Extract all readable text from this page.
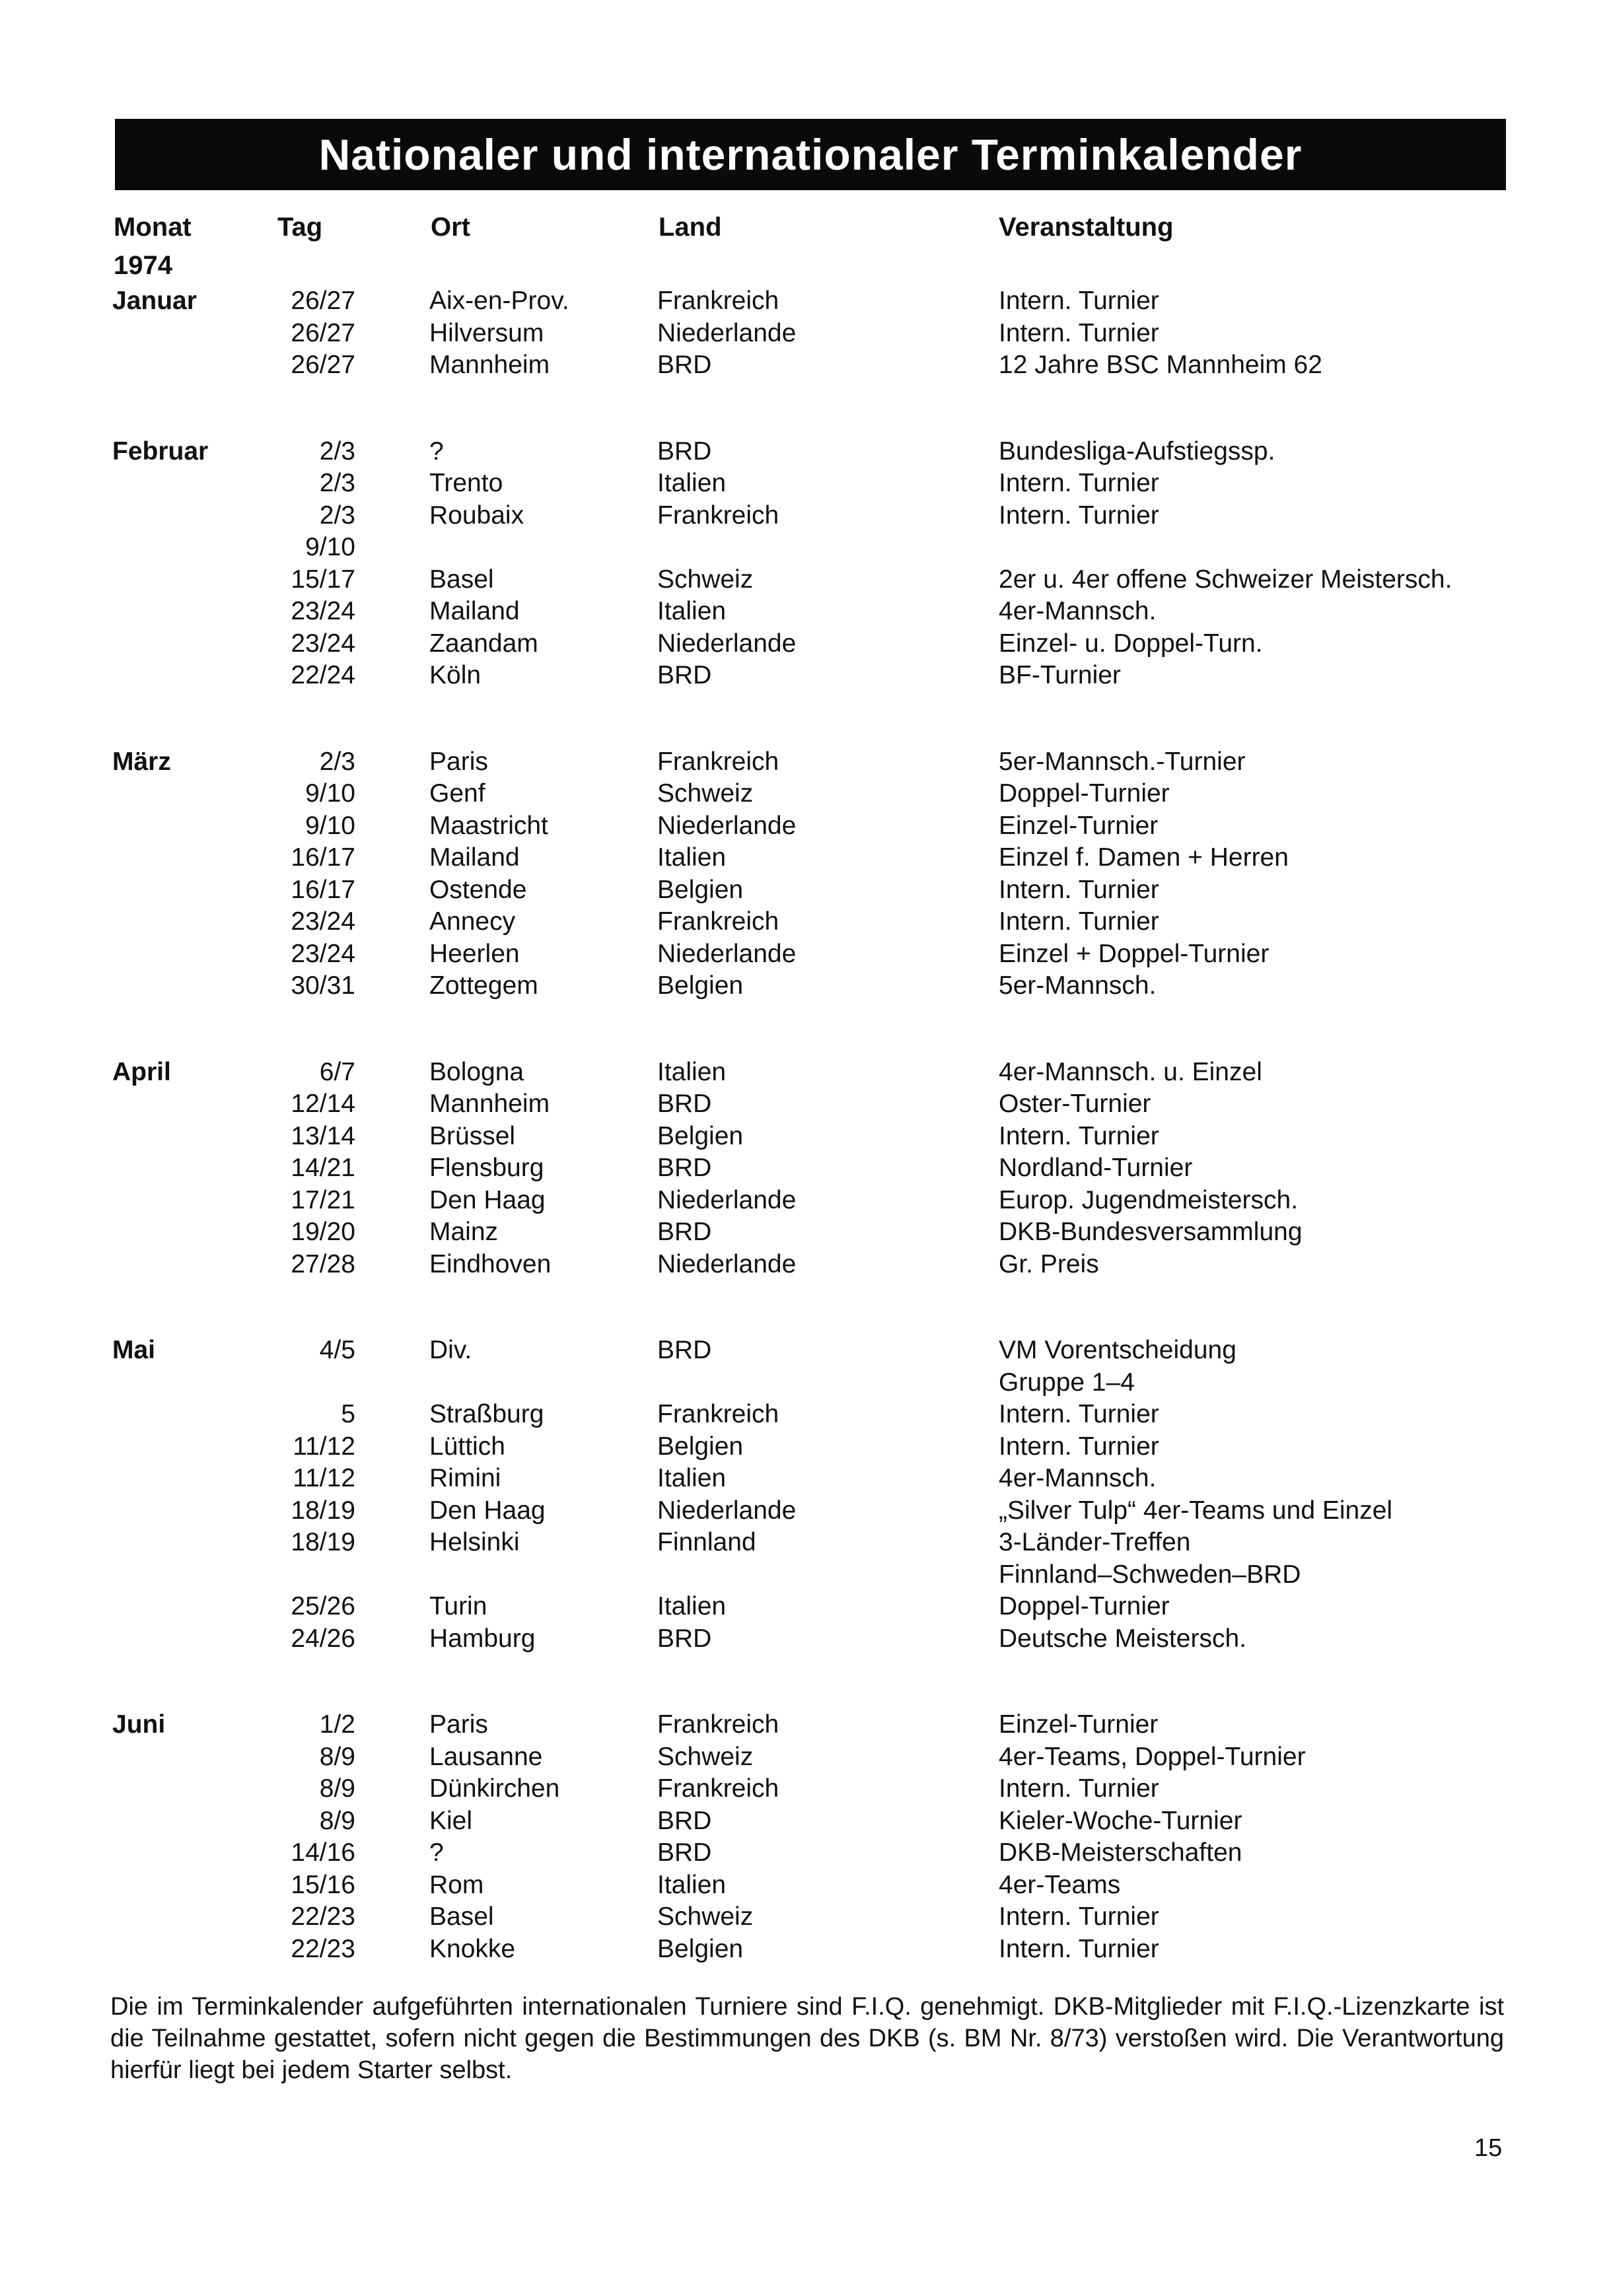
Nationaler und internationaler Terminkalender
Monat	Tag	Ort	Land	Veranstaltung
1974
Januar	26/27	Aix-en-Prov.	Frankreich	Intern. Turnier
26/27	Hilversum	Niederlande	Intern. Turnier
26/27	Mannheim	BRD	12 Jahre BSC Mannheim 62
Februar	2/3	?	BRD	Bundesliga-Aufstiegssp.
2/3	Trento	Italien	Intern. Turnier
2/3	Roubaix	Frankreich	Intern. Turnier
9/10
15/17	Basel	Schweiz	2er u. 4er offene Schweizer Meistersch.
23/24	Mailand	Italien	4er-Mannsch.
23/24	Zaandam	Niederlande	Einzel- u. Doppel-Turn.
22/24	Köln	BRD	BF-Turnier
März	2/3	Paris	Frankreich	5er-Mannsch.-Turnier
9/10	Genf	Schweiz	Doppel-Turnier
9/10	Maastricht	Niederlande	Einzel-Turnier
16/17	Mailand	Italien	Einzel f. Damen + Herren
16/17	Ostende	Belgien	Intern. Turnier
23/24	Annecy	Frankreich	Intern. Turnier
23/24	Heerlen	Niederlande	Einzel + Doppel-Turnier
30/31	Zottegem	Belgien	5er-Mannsch.
April	6/7	Bologna	Italien	4er-Mannsch. u. Einzel
12/14	Mannheim	BRD	Oster-Turnier
13/14	Brüssel	Belgien	Intern. Turnier
14/21	Flensburg	BRD	Nordland-Turnier
17/21	Den Haag	Niederlande	Europ. Jugendmeistersch.
19/20	Mainz	BRD	DKB-Bundesversammlung
27/28	Eindhoven	Niederlande	Gr. Preis
Mai	4/5	Div.	BRD	VM Vorentscheidung
Gruppe 1–4
5	Straßburg	Frankreich	Intern. Turnier
11/12	Lüttich	Belgien	Intern. Turnier
11/12	Rimini	Italien	4er-Mannsch.
18/19	Den Haag	Niederlande	„Silver Tulp“ 4er-Teams und Einzel
18/19	Helsinki	Finnland	3-Länder-Treffen
Finnland–Schweden–BRD
25/26	Turin	Italien	Doppel-Turnier
24/26	Hamburg	BRD	Deutsche Meistersch.
Juni	1/2	Paris	Frankreich	Einzel-Turnier
8/9	Lausanne	Schweiz	4er-Teams, Doppel-Turnier
8/9	Dünkirchen	Frankreich	Intern. Turnier
8/9	Kiel	BRD	Kieler-Woche-Turnier
14/16	?	BRD	DKB-Meisterschaften
15/16	Rom	Italien	4er-Teams
22/23	Basel	Schweiz	Intern. Turnier
22/23	Knokke	Belgien	Intern. Turnier
Die im Terminkalender aufgeführten internationalen Turniere sind F.I.Q. genehmigt. DKB-Mitglieder mit F.I.Q.-Lizenzkarte ist die Teilnahme gestattet, sofern nicht gegen die Bestimmungen des DKB (s. BM Nr. 8/73) verstoßen wird. Die Verantwortung hierfür liegt bei jedem Starter selbst.
15
